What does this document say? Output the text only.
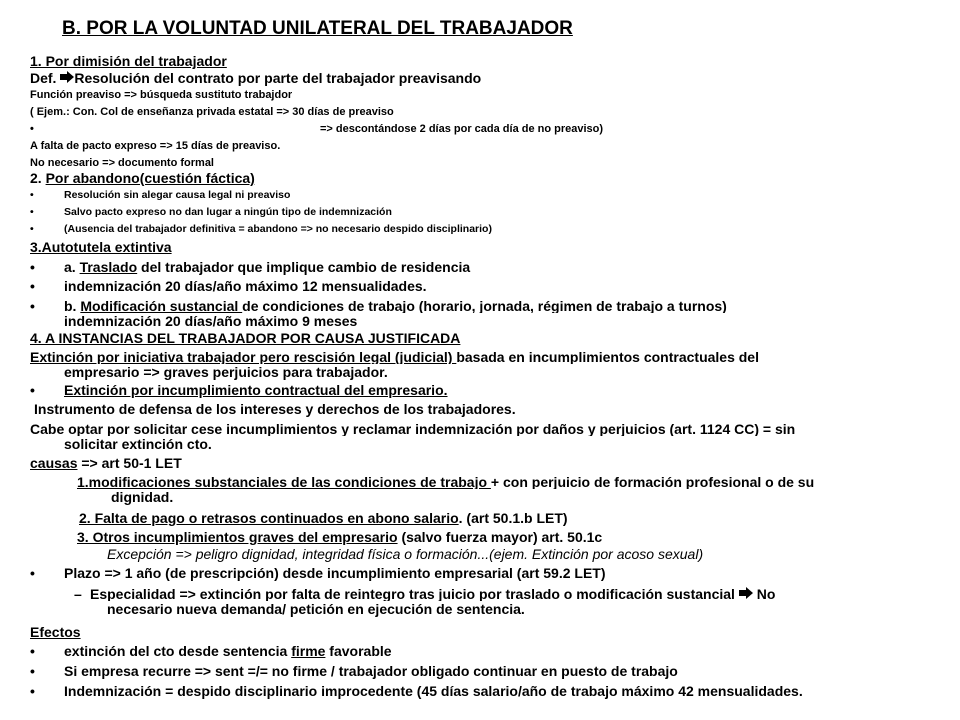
B. POR LA VOLUNTAD UNILATERAL DEL TRABAJADOR
1. Por dimisión del trabajador
Def. Resolución del contrato por parte del trabajador preavisando
Función preaviso => búsqueda sustituto trabajdor
( Ejem.: Con. Col de enseñanza privada estatal => 30 días de preaviso
•	=> descontándose 2 días por cada día de no preaviso)
A falta de pacto expreso => 15 días de preaviso.
No necesario => documento formal
2. Por abandono(cuestión fáctica)
•	Resolución sin alegar causa legal ni preaviso
•	Salvo pacto expreso no dan lugar a ningún tipo de indemnización
•	(Ausencia del trabajador definitiva = abandono => no necesario despido disciplinario)
3.Autotutela extintiva
• a. Traslado del trabajador que implique cambio de residencia
• indemnización 20 días/año máximo 12 mensualidades.
• b. Modificación sustancial de condiciones de trabajo (horario, jornada, régimen de trabajo a turnos)
indemnización 20 días/año máximo 9 meses
4. A INSTANCIAS DEL TRABAJADOR POR CAUSA JUSTIFICADA
Extinción por iniciativa trabajador pero rescisión legal (judicial) basada en incumplimientos contractuales del
empresario => graves perjuicios para trabajador.
• Extinción por incumplimiento contractual del empresario.
Instrumento de defensa de los intereses y derechos de los trabajadores.
Cabe optar por solicitar cese incumplimientos y reclamar indemnización por daños y perjuicios (art. 1124 CC) = sin
solicitar extinción cto.
causas => art 50-1 LET
1.modificaciones substanciales de las condiciones de trabajo + con perjuicio de formación profesional o de su
dignidad.
2. Falta de pago o retrasos continuados en abono salario. (art 50.1.b LET)
3. Otros incumplimientos graves del empresario (salvo fuerza mayor) art. 50.1c
Excepción => peligro dignidad, integridad física o formación...(ejem. Extinción por acoso sexual)
• Plazo => 1 año (de prescripción) desde incumplimiento empresarial (art 59.2 LET)
– Especialidad => extinción por falta de reintegro tras juicio por traslado o modificación sustancial  No
necesario nueva demanda/ petición en ejecución de sentencia.
Efectos
• extinción del cto desde sentencia firme favorable
• Si empresa recurre => sent =/= no firme / trabajador obligado continuar en puesto de trabajo
• Indemnización = despido disciplinario improcedente (45 días salario/año de trabajo máximo 42 mensualidades.
